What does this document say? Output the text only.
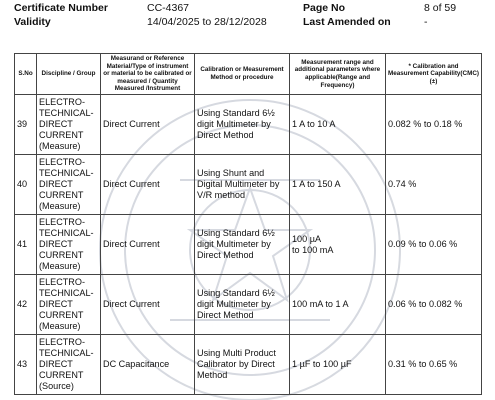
Certificate Number	CC-4367	Page No	8 of 59
Validity	14/04/2025 to 28/12/2028	Last Amended on	-
S.No	Discipline / Group	Measurand or Reference Material/Type of instrument or material to be calibrated or measured / Quantity Measured /Instrument	Calibration or Measurement Method or procedure	Measurement range and additional parameters where applicable(Range and Frequency)	* Calibration and Measurement Capability(CMC)(±)
39	ELECTRO-
TECHNICAL-
DIRECT
CURRENT
(Measure)	Direct Current	Using Standard 6½ digit Multimeter by Direct Method	1 A to 10 A	0.082 % to 0.18 %
40	ELECTRO-
TECHNICAL-
DIRECT
CURRENT
(Measure)	Direct Current	Using Shunt and Digital Multimeter by V/R method	1 A to 150 A	0.74 %
41	ELECTRO-
TECHNICAL-
DIRECT
CURRENT
(Measure)	Direct Current	Using Standard 6½ digit Multimeter by Direct Method	100 µA
to 100 mA	0.09 % to 0.06 %
42	ELECTRO-
TECHNICAL-
DIRECT
CURRENT
(Measure)	Direct Current	Using Standard 6½ digit Multimeter by Direct Method	100 mA to 1 A	0.06 % to 0.082 %
43	ELECTRO-
TECHNICAL-
DIRECT
CURRENT
(Source)	DC Capacitance	Using Multi Product Calibrator by Direct Method	1 µF to 100 µF	0.31 % to 0.65 %
